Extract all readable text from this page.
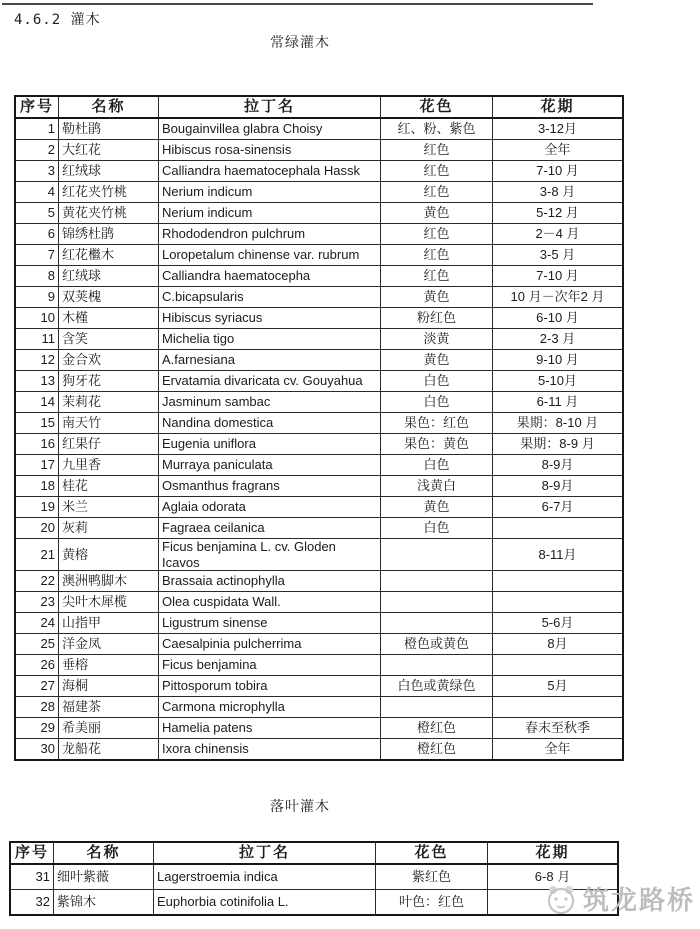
4.6.2 灌木
常绿灌木
序号	名称	拉丁名	花色	花期
1	勒杜鹃	Bougainvillea glabra Choisy	红、粉、紫色	3-12月
2	大红花	Hibiscus rosa-sinensis	红色	全年
3	红绒球	Calliandra haematocephala Hassk	红色	7-10 月
4	红花夹竹桃	Nerium indicum	红色	3-8 月
5	黄花夹竹桃	Nerium indicum	黄色	5-12 月
6	锦绣杜鹃	Rhododendron pulchrum	红色	2－4 月
7	红花檵木	Loropetalum chinense var. rubrum	红色	3-5 月
8	红绒球	Calliandra haematocepha	红色	7-10 月
9	双荚槐	C.bicapsularis	黄色	10 月－次年2 月
10	木槿	Hibiscus syriacus	粉红色	6-10 月
11	含笑	Michelia tigo	淡黄	2-3 月
12	金合欢	A.farnesiana	黄色	9-10 月
13	狗牙花	Ervatamia divaricata cv. Gouyahua	白色	5-10月
14	茉莉花	Jasminum sambac	白色	6-11 月
15	南天竹	Nandina domestica	果色：红色	果期：8-10 月
16	红果仔	Eugenia uniflora	果色：黄色	果期：8-9 月
17	九里香	Murraya paniculata	白色	8-9月
18	桂花	Osmanthus fragrans	浅黄白	8-9月
19	米兰	Aglaia odorata	黄色	6-7月
20	灰莉	Fagraea ceilanica	白色	
21	黄榕	Ficus benjamina L. cv. Gloden Icavos		8-11月
22	澳洲鸭脚木	Brassaia actinophylla		
23	尖叶木犀榄	Olea cuspidata Wall.		
24	山指甲	Ligustrum sinense		5-6月
25	洋金凤	Caesalpinia pulcherrima	橙色或黄色	8月
26	垂榕	Ficus benjamina		
27	海桐	Pittosporum tobira	白色或黄绿色	5月
28	福建茶	Carmona microphylla		
29	希美丽	Hamelia patens	橙红色	春末至秋季
30	龙船花	Ixora chinensis	橙红色	全年
落叶灌木
序号	名称	拉丁名	花色	花期
31	细叶紫薇	Lagerstroemia indica	紫红色	6-8 月
32	紫锦木	Euphorbia cotinifolia L.	叶色：红色		筑龙路桥
